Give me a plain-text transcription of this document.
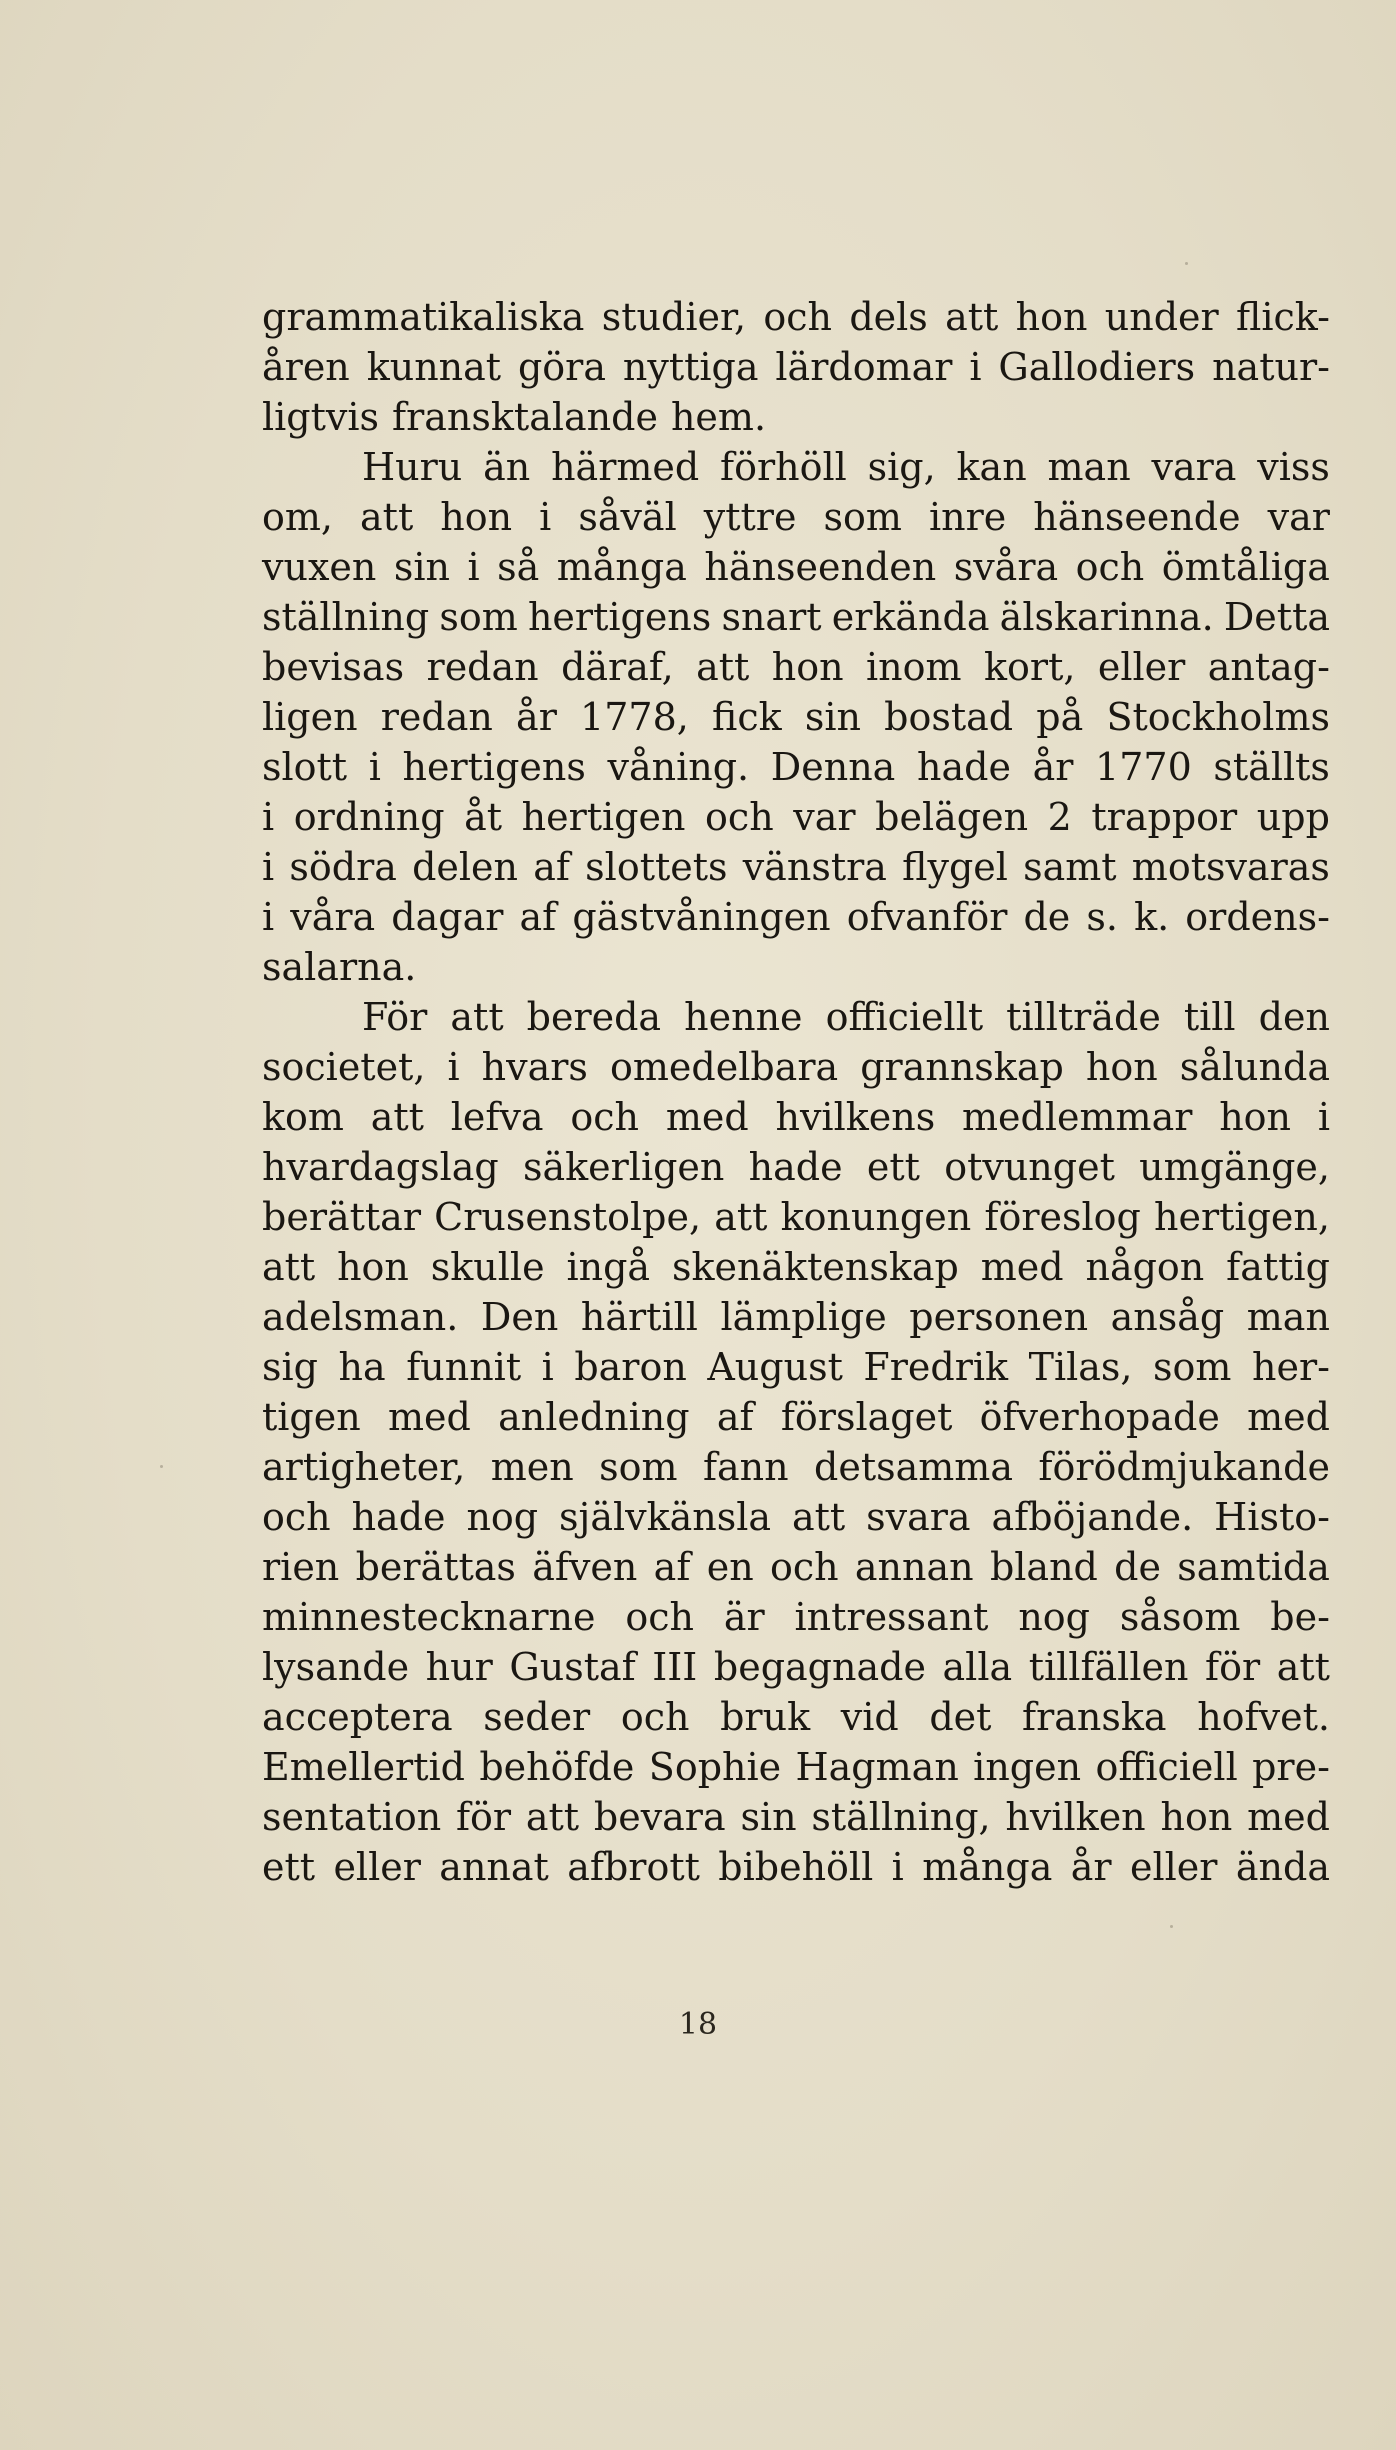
grammatikaliska studier, och dels att hon under flick-
åren kunnat göra nyttiga lärdomar i Gallodiers natur-
ligtvis fransktalande hem.
Huru än härmed förhöll sig, kan man vara viss
om, att hon i såväl yttre som inre hänseende var
vuxen sin i så många hänseenden svåra och ömtåliga
ställning som hertigens snart erkända älskarinna. Detta
bevisas redan däraf, att hon inom kort, eller antag-
ligen redan år 1778, fick sin bostad på Stockholms
slott i hertigens våning. Denna hade år 1770 ställts
i ordning åt hertigen och var belägen 2 trappor upp
i södra delen af slottets vänstra flygel samt motsvaras
i våra dagar af gästvåningen ofvanför de s. k. ordens-
salarna.
För att bereda henne officiellt tillträde till den
societet, i hvars omedelbara grannskap hon sålunda
kom att lefva och med hvilkens medlemmar hon i
hvardagslag säkerligen hade ett otvunget umgänge,
berättar Crusenstolpe, att konungen föreslog hertigen,
att hon skulle ingå skenäktenskap med någon fattig
adelsman. Den härtill lämplige personen ansåg man
sig ha funnit i baron August Fredrik Tilas, som her-
tigen med anledning af förslaget öfverhopade med
artigheter, men som fann detsamma förödmjukande
och hade nog självkänsla att svara afböjande. Histo-
rien berättas äfven af en och annan bland de samtida
minnestecknarne och är intressant nog såsom be-
lysande hur Gustaf III begagnade alla tillfällen för att
acceptera seder och bruk vid det franska hofvet.
Emellertid behöfde Sophie Hagman ingen officiell pre-
sentation för att bevara sin ställning, hvilken hon med
ett eller annat afbrott bibehöll i många år eller ända
18
